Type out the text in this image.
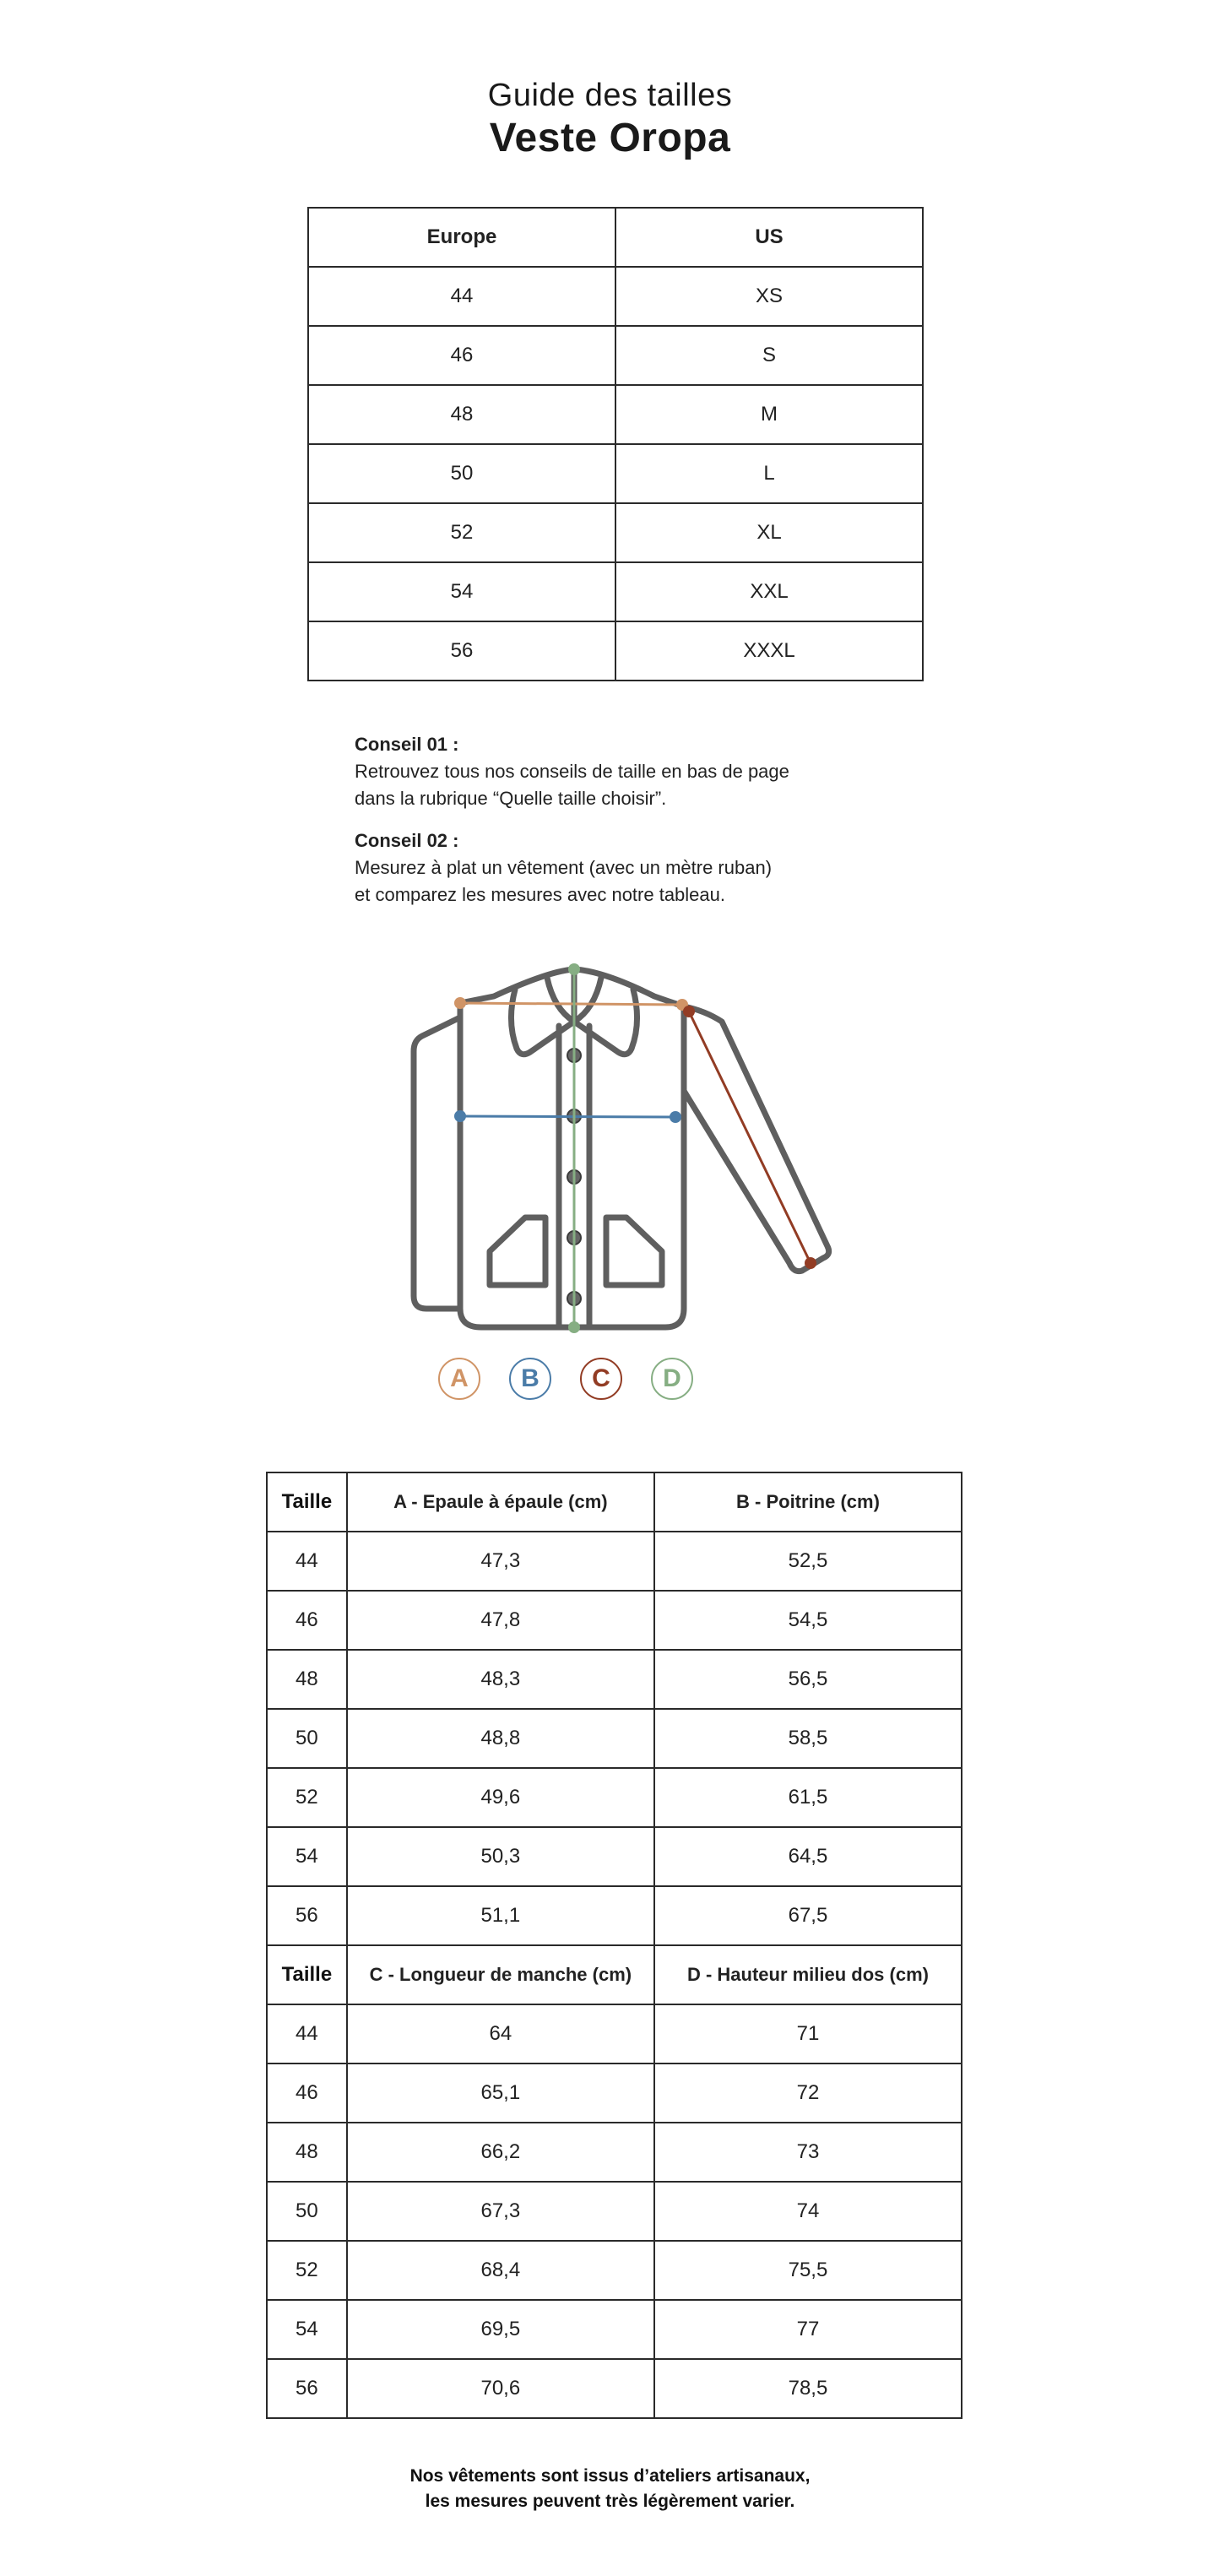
Guide des tailles
Veste Oropa
Europe	US
44	XS
46	S
48	M
50	L
52	XL
54	XXL
56	XXXL
Conseil 01 :
Retrouvez tous nos conseils de taille en bas de page
dans la rubrique “Quelle taille choisir”.
Conseil 02 :
Mesurez à plat un vêtement (avec un mètre ruban)
et comparez les mesures avec notre tableau.
A	B	C	D
Taille	A - Epaule à épaule (cm)	B - Poitrine (cm)
44	47,3	52,5
46	47,8	54,5
48	48,3	56,5
50	48,8	58,5
52	49,6	61,5
54	50,3	64,5
56	51,1	67,5
Taille	C - Longueur de manche (cm)	D - Hauteur milieu dos (cm)
44	64	71
46	65,1	72
48	66,2	73
50	67,3	74
52	68,4	75,5
54	69,5	77
56	70,6	78,5
Nos vêtements sont issus d’ateliers artisanaux,
les mesures peuvent très légèrement varier.
